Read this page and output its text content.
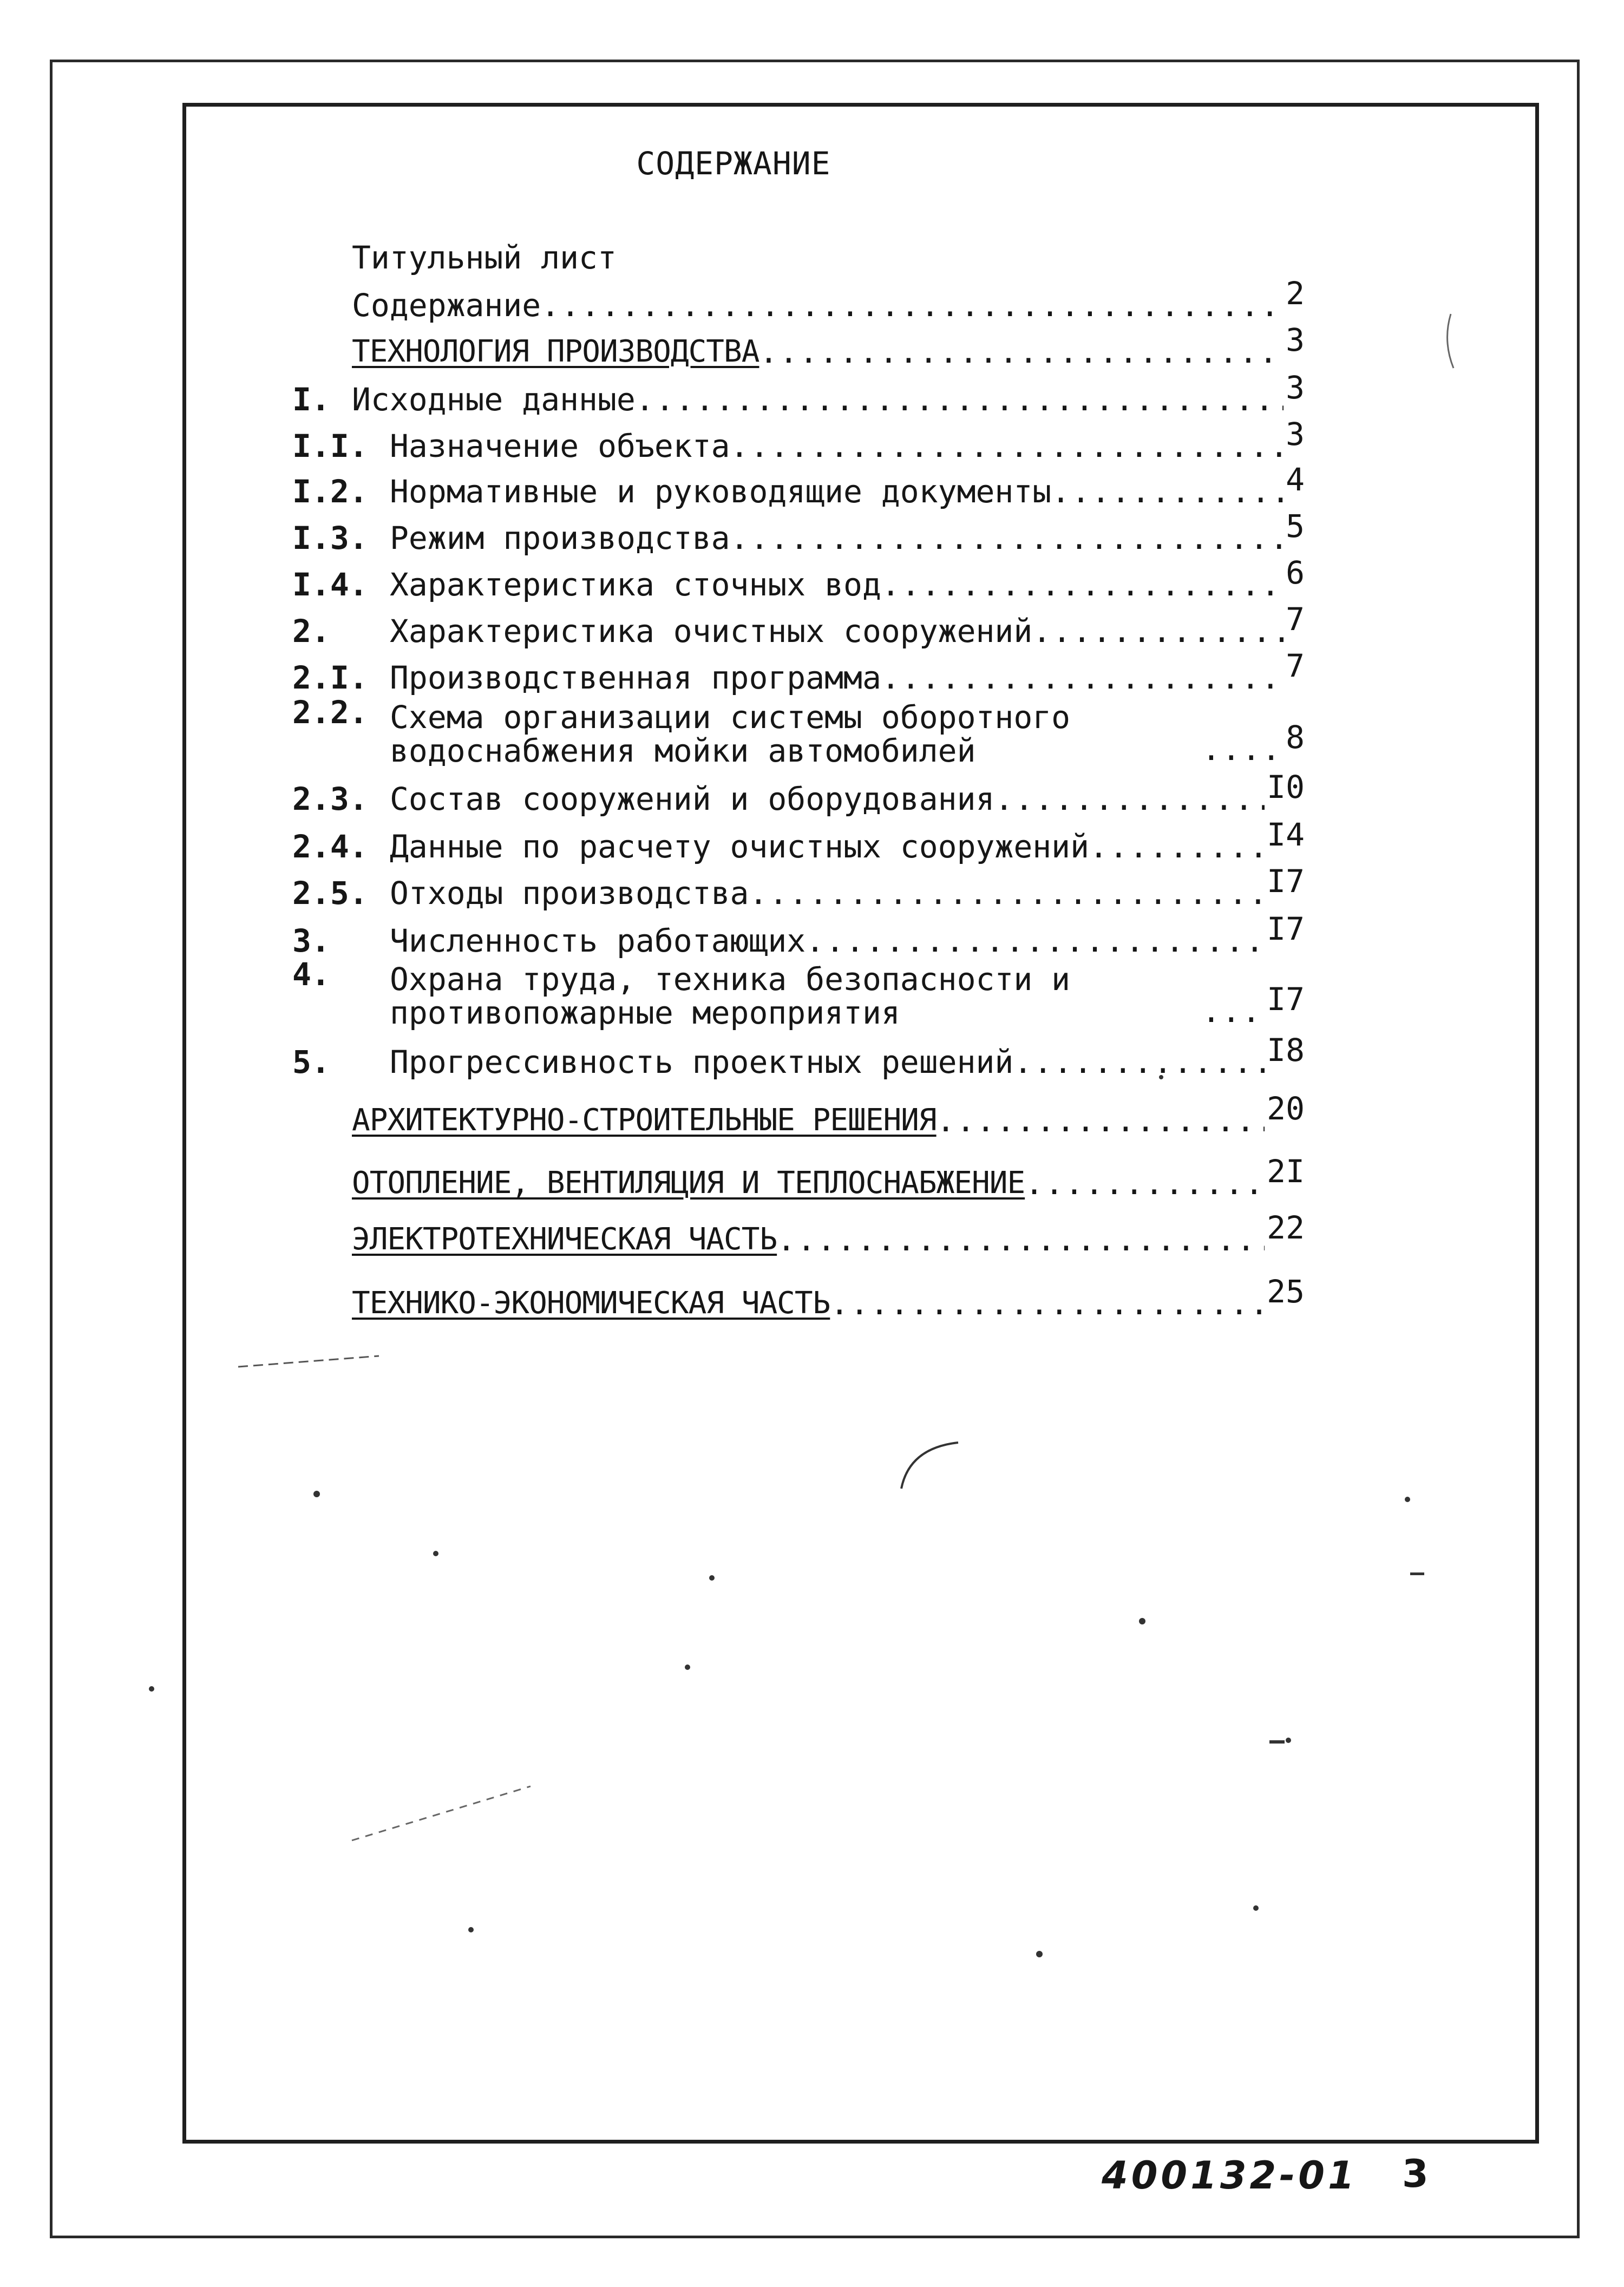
СОДЕРЖАНИЕ
Титульный лист
Содержание .....	2
ТЕХНОЛОГИЯ ПРОИЗВОДСТВА .....	3
I. Исходные данные .....	3
I.I. Назначение объекта .....	3
I.2. Нормативные и руководящие документы .....	4
I.3. Режим производства .....	5
I.4. Характеристика сточных вод .....	6
2. Характеристика очистных сооружений .....	7
2.I. Производственная программа .....	7
2.2. Схема организации системы оборотного водоснабжения мойки автомобилей .....	8
2.3. Состав сооружений и оборудования .....	I0
2.4. Данные по расчету очистных сооружений .....	I4
2.5. Отходы производства .....	I7
3. Численность работающих .....	I7
4. Охрана труда, техника безопасности и противопожарные мероприятия .....	I7
5. Прогрессивность проектных решений .....	I8
АРХИТЕКТУРНО-СТРОИТЕЛЬНЫЕ РЕШЕНИЯ .....	20
ОТОПЛЕНИЕ, ВЕНТИЛЯЦИЯ И ТЕПЛОСНАБЖЕНИЕ .....	2I
ЭЛЕКТРОТЕХНИЧЕСКАЯ ЧАСТЬ .....	22
ТЕХНИКО-ЭКОНОМИЧЕСКАЯ ЧАСТЬ .....	25
400132-01 3
